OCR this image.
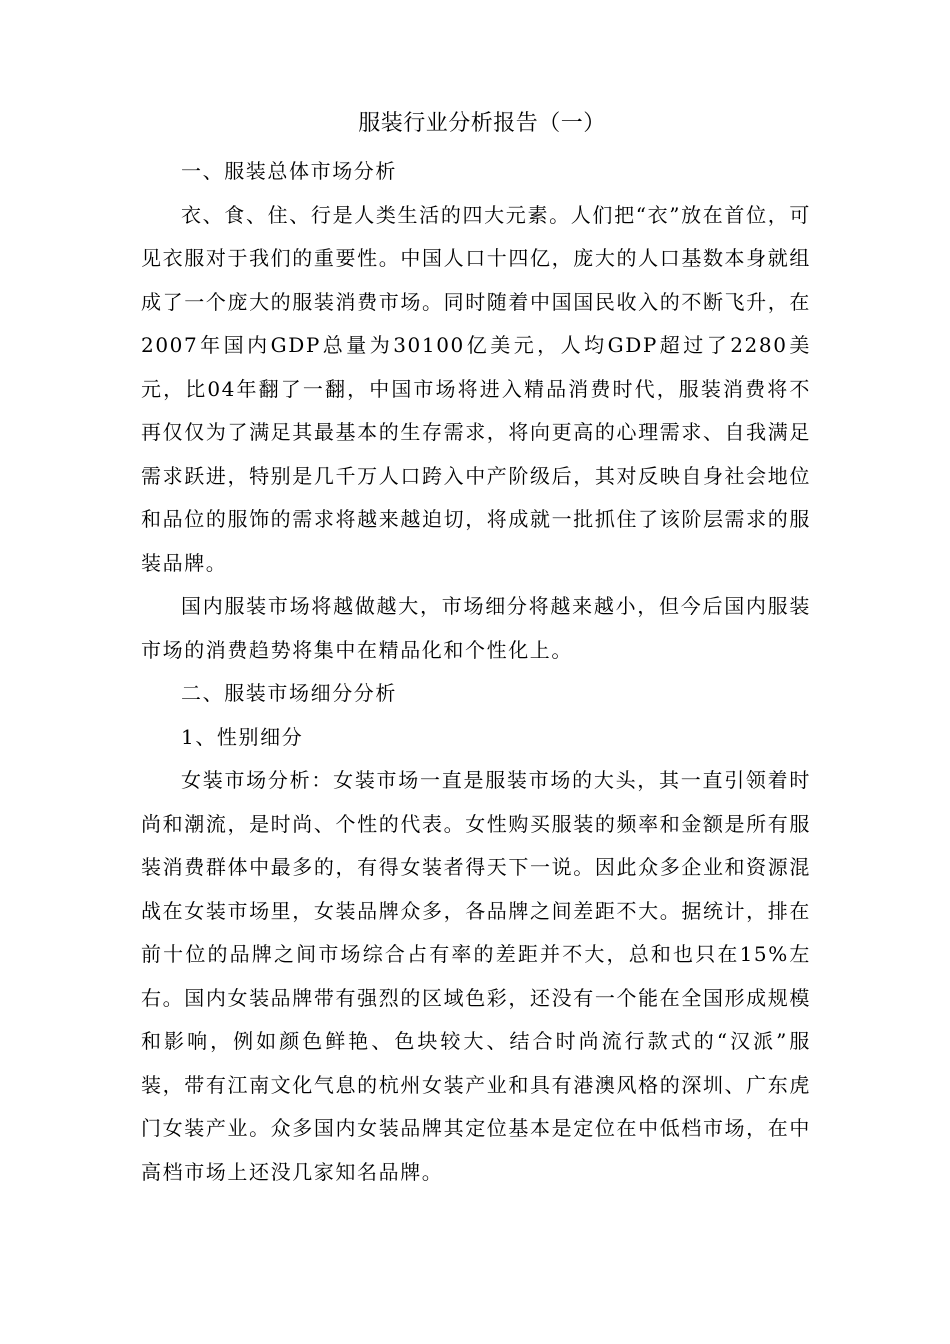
服装行业分析报告（一）

一、服装总体市场分析

衣、食、住、行是人类生活的四大元素。人们把“衣”放在首位，可见衣服对于我们的重要性。中国人口十四亿，庞大的人口基数本身就组成了一个庞大的服装消费市场。同时随着中国国民收入的不断飞升，在2007年国内GDP总量为30100亿美元，人均GDP超过了2280美元，比04年翻了一翻，中国市场将进入精品消费时代，服装消费将不再仅仅为了满足其最基本的生存需求，将向更高的心理需求、自我满足需求跃进，特别是几千万人口跨入中产阶级后，其对反映自身社会地位和品位的服饰的需求将越来越迫切，将成就一批抓住了该阶层需求的服装品牌。

国内服装市场将越做越大，市场细分将越来越小，但今后国内服装市场的消费趋势将集中在精品化和个性化上。

二、服装市场细分分析

1、性别细分

女装市场分析：女装市场一直是服装市场的大头，其一直引领着时尚和潮流，是时尚、个性的代表。女性购买服装的频率和金额是所有服装消费群体中最多的，有得女装者得天下一说。因此众多企业和资源混战在女装市场里，女装品牌众多，各品牌之间差距不大。据统计，排在前十位的品牌之间市场综合占有率的差距并不大，总和也只在15%左右。国内女装品牌带有强烈的区域色彩，还没有一个能在全国形成规模和影响，例如颜色鲜艳、色块较大、结合时尚流行款式的“汉派”服装，带有江南文化气息的杭州女装产业和具有港澳风格的深圳、广东虎门女装产业。众多国内女装品牌其定位基本是定位在中低档市场，在中高档市场上还没几家知名品牌。
